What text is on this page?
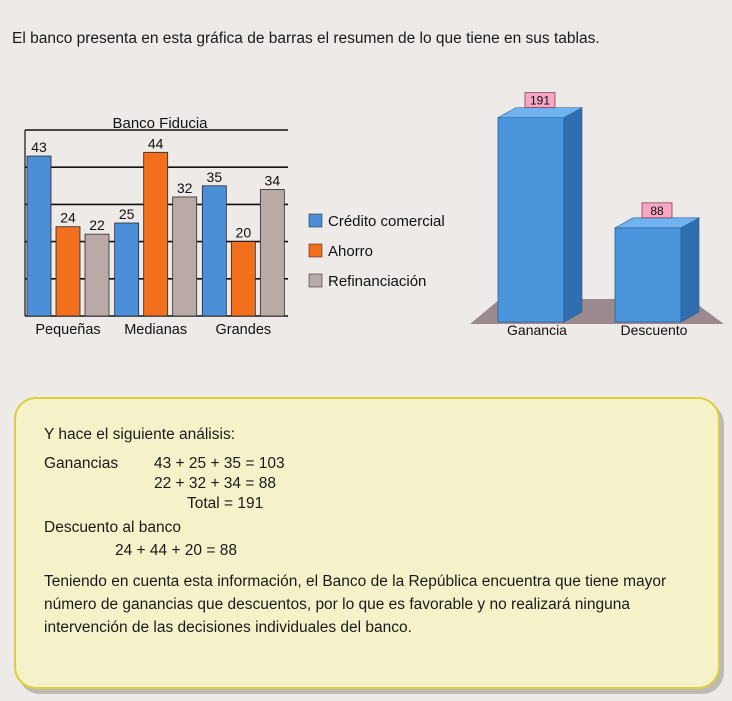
El banco presenta en esta gráfica de barras el resumen de lo que tiene en sus tablas.
Banco Fiducia
43
24 22
Pequeñas
25
44
32
Medianas
35
20
34
Grandes
Crédito comercial
Ahorro
Refinanciación
191
Ganancia
88
Descuento
Y hace el siguiente análisis:
Ganancias 43 + 25 + 35 = 103
22 + 32 + 34 = 88
Total = 191
Descuento al banco
24 + 44 + 20 = 88
Teniendo en cuenta esta información, el Banco de la República encuentra que tiene mayor número de ganancias que descuentos, por lo que es favorable y no realizará ninguna intervención de las decisiones individuales del banco.
